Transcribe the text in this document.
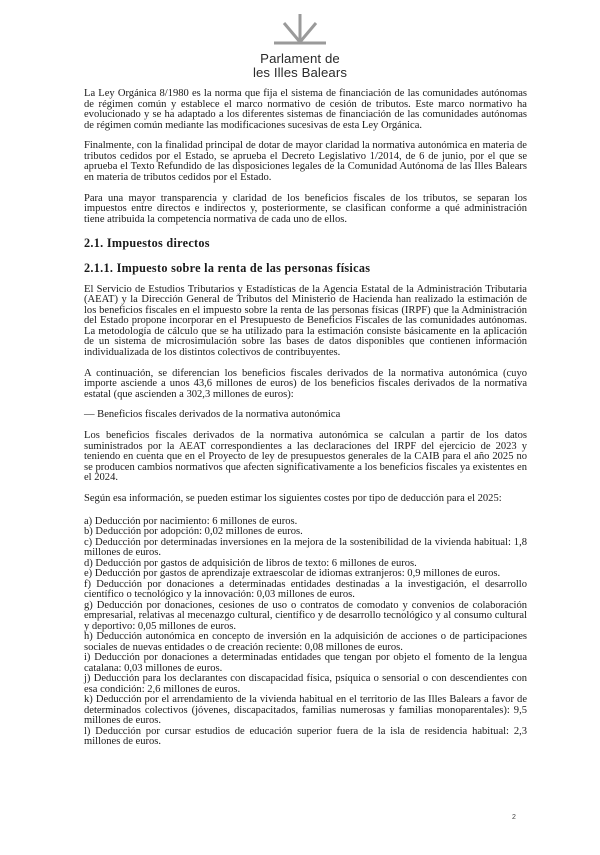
Parlament de
les Illes Balears

La Ley Orgánica 8/1980 es la norma que fija el sistema de financiación de las comunidades autónomas de régimen común y establece el marco normativo de cesión de tributos. Este marco normativo ha evolucionado y se ha adaptado a los diferentes sistemas de financiación de las comunidades autónomas de régimen común mediante las modificaciones sucesivas de esta Ley Orgánica.

Finalmente, con la finalidad principal de dotar de mayor claridad la normativa autonómica en materia de tributos cedidos por el Estado, se aprueba el Decreto Legislativo 1/2014, de 6 de junio, por el que se aprueba el Texto Refundido de las disposiciones legales de la Comunidad Autónoma de las Illes Balears en materia de tributos cedidos por el Estado.

Para una mayor transparencia y claridad de los beneficios fiscales de los tributos, se separan los impuestos entre directos e indirectos y, posteriormente, se clasifican conforme a qué administración tiene atribuida la competencia normativa de cada uno de ellos.

2.1. Impuestos directos
2.1.1. Impuesto sobre la renta de las personas físicas

El Servicio de Estudios Tributarios y Estadísticas de la Agencia Estatal de la Administración Tributaria (AEAT) y la Dirección General de Tributos del Ministerio de Hacienda han realizado la estimación de los beneficios fiscales en el impuesto sobre la renta de las personas físicas (IRPF) que la Administración del Estado propone incorporar en el Presupuesto de Beneficios Fiscales de las comunidades autónomas. La metodología de cálculo que se ha utilizado para la estimación consiste básicamente en la aplicación de un sistema de microsimulación sobre las bases de datos disponibles que contienen información individualizada de los distintos colectivos de contribuyentes.

A continuación, se diferencian los beneficios fiscales derivados de la normativa autonómica (cuyo importe asciende a unos 43,6 millones de euros) de los beneficios fiscales derivados de la normativa estatal (que ascienden a 302,3 millones de euros):

— Beneficios fiscales derivados de la normativa autonómica

Los beneficios fiscales derivados de la normativa autonómica se calculan a partir de los datos suministrados por la AEAT correspondientes a las declaraciones del IRPF del ejercicio de 2023 y teniendo en cuenta que en el Proyecto de ley de presupuestos generales de la CAIB para el año 2025 no se producen cambios normativos que afecten significativamente a los beneficios fiscales ya existentes en el 2024.

Según esa información, se pueden estimar los siguientes costes por tipo de deducción para el 2025:

a) Deducción por nacimiento: 6 millones de euros.
b) Deducción por adopción: 0,02 millones de euros.
c) Deducción por determinadas inversiones en la mejora de la sostenibilidad de la vivienda habitual: 1,8 millones de euros.
d) Deducción por gastos de adquisición de libros de texto: 6 millones de euros.
e) Deducción por gastos de aprendizaje extraescolar de idiomas extranjeros: 0,9 millones de euros.
f) Deducción por donaciones a determinadas entidades destinadas a la investigación, el desarrollo científico o tecnológico y la innovación: 0,03 millones de euros.
g) Deducción por donaciones, cesiones de uso o contratos de comodato y convenios de colaboración empresarial, relativas al mecenazgo cultural, científico y de desarrollo tecnológico y al consumo cultural y deportivo: 0,05 millones de euros.
h) Deducción autonómica en concepto de inversión en la adquisición de acciones o de participaciones sociales de nuevas entidades o de creación reciente: 0,08 millones de euros.
i) Deducción por donaciones a determinadas entidades que tengan por objeto el fomento de la lengua catalana: 0,03 millones de euros.
j) Deducción para los declarantes con discapacidad física, psíquica o sensorial o con descendientes con esa condición: 2,6 millones de euros.
k) Deducción por el arrendamiento de la vivienda habitual en el territorio de las Illes Balears a favor de determinados colectivos (jóvenes, discapacitados, familias numerosas y familias monoparentales): 9,5 millones de euros.
l) Deducción por cursar estudios de educación superior fuera de la isla de residencia habitual: 2,3 millones de euros.
2
